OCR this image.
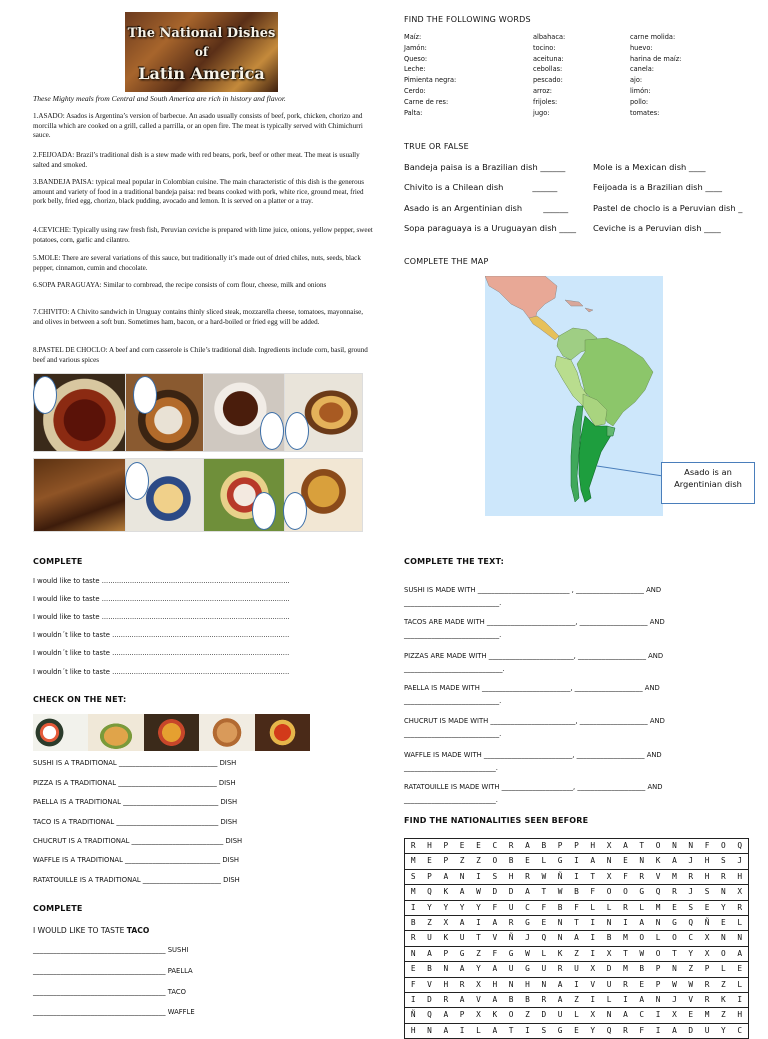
The National Dishes
of
Latin America
These Mighty meals from Central and South America are rich in history and flavor.
1.ASADO: Asados is Argentina’s version of barbecue. An asado usually consists of beef, pork, chicken, chorizo and morcilla which are cooked on a grill, called a parrilla, or an open fire. The meat is typically served with Chimichurri sauce.
2.FEIJOADA: Brazil’s traditional dish is a stew made with red beans, pork, beef or other meat. The meat is usually salted and smoked.
3.BANDEJA PAISA: typical meal popular in Colombian cuisine. The main characteristic of this dish is the generous amount and variety of food in a traditional bandeja paisa: red beans cooked with pork, white rice, ground meat, fried pork belly, fried egg, chorizo, black pudding, avocado and lemon. It is served on a platter or a tray.
4.CEVICHE: Typically using raw fresh fish, Peruvian ceviche is prepared with lime juice, onions, yellow pepper, sweet potatoes, corn, garlic and cilantro.
5.MOLE: There are several variations of this sauce, but traditionally it’s made out of dried chiles, nuts, seeds, black pepper, cinnamon, cumin and chocolate.
6.SOPA PARAGUAYA: Similar to cornbread, the recipe consists of corn flour, cheese, milk and onions
7.CHIVITO: A Chivito sandwich in Uruguay contains thinly sliced steak, mozzarella cheese, tomatoes, mayonnaise, and olives in between a soft bun. Sometimes ham, bacon, or a hard-boiled or fried egg will be added.
8.PASTEL DE CHOCLO: A beef and corn casserole is Chile’s traditional dish. Ingredients include corn, basil, ground beef and various spices
FIND THE FOLLOWING WORDS
Maíz:
Jamón:
Queso:
Leche:
Pimienta negra:
Cerdo:
Carne de res:
Palta:
albahaca:
tocino:
aceituna:
cebollas:
pescado:
arroz:
frijoles:
jugo:
carne molida:
huevo:
harina de maíz:
canela:
ajo:
limón:
pollo:
tomates:
TRUE OR FALSE
Bandeja paisa is a Brazilian dish ______
Chivito is a Chilean dish           ______
Asado is an Argentinian dish        ______
Sopa paraguaya is a Uruguayan dish ____
Mole is a Mexican dish ____
Feijoada is a Brazilian dish ____
Pastel de choclo is a Peruvian dish _
Ceviche is a Peruvian dish ____
COMPLETE THE MAP
Asado is an Argentinian dish
COMPLETE
I would like to taste .......................................................................................
I would like to taste .......................................................................................
I would like to taste .......................................................................................
I wouldn´t like to taste ..................................................................................
I wouldn´t like to taste ..................................................................................
I wouldn´t like to taste ..................................................................................
CHECK ON THE NET:
SUSHI IS A TRADITIONAL _____________________________ DISH
PIZZA IS A TRADITIONAL _____________________________ DISH
PAELLA IS A TRADITIONAL ____________________________ DISH
TACO IS A TRADITIONAL ______________________________ DISH
CHUCRUT IS A TRADITIONAL ___________________________ DISH
WAFFLE IS A TRADITIONAL ____________________________ DISH
RATATOUILLE IS A TRADITIONAL _______________________ DISH
COMPLETE
I WOULD LIKE TO TASTE TACO
_______________________________________ SUSHI
_______________________________________ PAELLA
_______________________________________ TACO
_______________________________________ WAFFLE
COMPLETE THE TEXT:
SUSHI IS MADE WITH ___________________________ , ____________________ AND
____________________________.
TACOS ARE MADE WITH __________________________, ____________________ AND
____________________________.
PIZZAS ARE MADE WITH _________________________, ____________________ AND
_____________________________.
PAELLA IS MADE WITH __________________________, ____________________ AND
____________________________.
CHUCRUT IS MADE WITH _________________________, ____________________ AND
____________________________.
WAFFLE IS MADE WITH __________________________, ____________________ AND
___________________________.
RATATOUILLE IS MADE WITH _____________________, ____________________ AND
___________________________.
FIND THE NATIONALITIES SEEN BEFORE
R	H	P	E	E	C	R	A	B	P	P	H	X	A	T	O	N	N	F	O	Q
M	E	P	Z	Z	O	B	E	L	G	I	A	N	E	N	K	A	J	H	S	J
S	P	A	N	I	S	H	R	W	Ñ	I	T	X	F	R	V	M	R	H	R	H
M	Q	K	A	W	D	D	A	T	W	B	F	O	O	G	Q	R	J	S	N	X
I	Y	Y	Y	Y	F	U	C	F	B	F	L	L	R	L	M	E	S	E	Y	R
B	Z	X	A	I	A	R	G	E	N	T	I	N	I	A	N	G	Q	Ñ	E	L
R	U	K	U	T	V	Ñ	J	Q	N	A	I	B	M	O	L	O	C	X	N	N
N	A	P	G	Z	F	G	W	L	K	Z	I	X	T	W	O	T	Y	X	O	A
E	B	N	A	Y	A	U	G	U	R	U	X	D	M	B	P	N	Z	P	L	E
F	V	H	R	X	H	N	H	N	A	I	V	U	R	E	P	W	W	R	Z	L
I	D	R	A	V	A	B	B	R	A	Z	I	L	I	A	N	J	V	R	K	I
Ñ	Q	A	P	X	K	O	Z	D	U	L	X	N	A	C	I	X	E	M	Z	H
H	N	A	I	L	A	T	I	S	G	E	Y	Q	R	F	I	A	D	U	Y	C
